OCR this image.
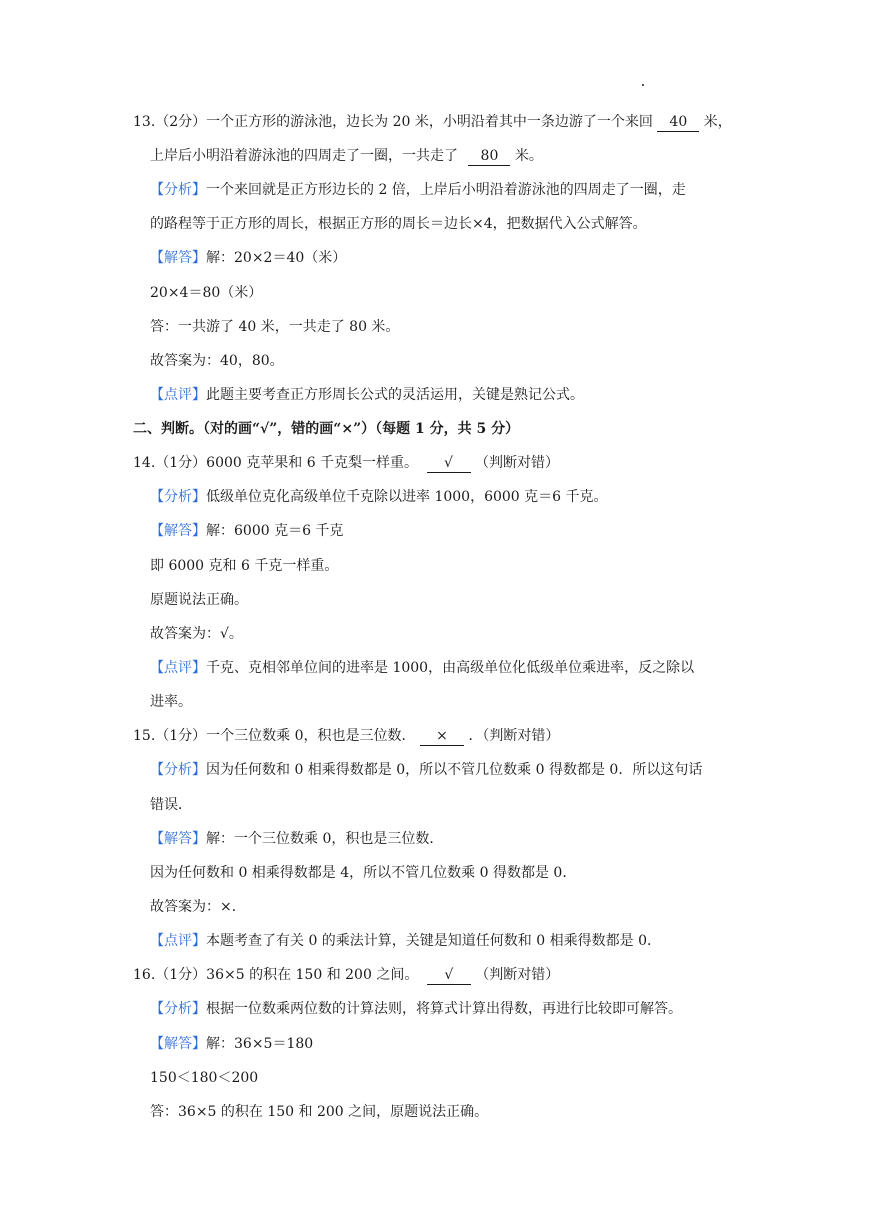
13.（2分）一个正方形的游泳池，边长为 20 米，小明沿着其中一条边游了一个来回 40 米，
上岸后小明沿着游泳池的四周走了一圈，一共走了 80 米。
【分析】一个来回就是正方形边长的 2 倍，上岸后小明沿着游泳池的四周走了一圈，走
的路程等于正方形的周长，根据正方形的周长＝边长×4，把数据代入公式解答。
【解答】解：20×2＝40（米）
20×4＝80（米）
答：一共游了 40 米，一共走了 80 米。
故答案为：40，80。
【点评】此题主要考查正方形周长公式的灵活运用，关键是熟记公式。
二、判断。（对的画“√”，错的画“×”）（每题 1 分，共 5 分）
14.（1分）6000 克苹果和 6 千克梨一样重。 √ （判断对错）
【分析】低级单位克化高级单位千克除以进率 1000，6000 克＝6 千克。
【解答】解：6000 克＝6 千克
即 6000 克和 6 千克一样重。
原题说法正确。
故答案为：√。
【点评】千克、克相邻单位间的进率是 1000，由高级单位化低级单位乘进率，反之除以
进率。
15.（1分）一个三位数乘 0，积也是三位数． × ．（判断对错）
【分析】因为任何数和 0 相乘得数都是 0，所以不管几位数乘 0 得数都是 0．所以这句话
错误．
【解答】解：一个三位数乘 0，积也是三位数．
因为任何数和 0 相乘得数都是 4，所以不管几位数乘 0 得数都是 0．
故答案为：×．
【点评】本题考查了有关 0 的乘法计算，关键是知道任何数和 0 相乘得数都是 0．
16.（1分）36×5 的积在 150 和 200 之间。 √ （判断对错）
【分析】根据一位数乘两位数的计算法则，将算式计算出得数，再进行比较即可解答。
【解答】解：36×5＝180
150＜180＜200
答：36×5 的积在 150 和 200 之间，原题说法正确。
